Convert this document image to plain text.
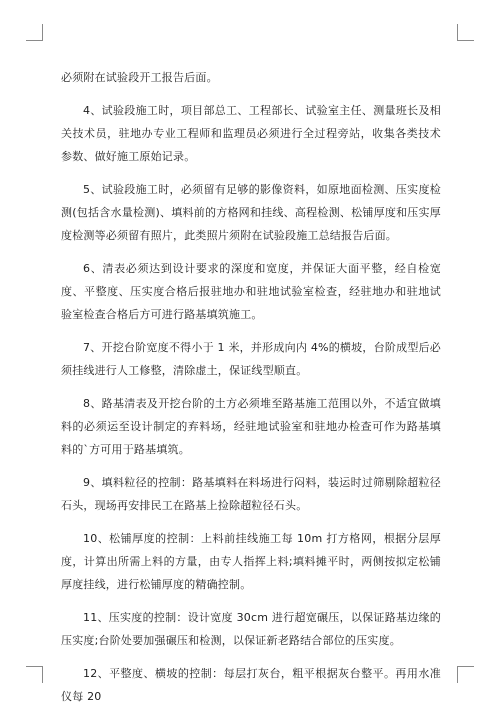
必须附在试验段开工报告后面。

4、试验段施工时，项目部总工、工程部长、试验室主任、测量班长及相关技术员，驻地办专业工程师和监理员必须进行全过程旁站，收集各类技术参数、做好施工原始记录。

5、试验段施工时，必须留有足够的影像资料，如原地面检测、压实度检测(包括含水量检测)、填料前的方格网和挂线、高程检测、松铺厚度和压实厚度检测等必须留有照片，此类照片须附在试验段施工总结报告后面。

6、清表必须达到设计要求的深度和宽度，并保证大面平整，经自检宽度、平整度、压实度合格后报驻地办和驻地试验室检查，经驻地办和驻地试验室检查合格后方可进行路基填筑施工。

7、开挖台阶宽度不得小于 1 米，并形成向内 4%的横坡，台阶成型后必须挂线进行人工修整，清除虚土，保证线型顺直。

8、路基清表及开挖台阶的土方必须堆至路基施工范围以外，不适宜做填料的必须运至设计制定的弃料场，经驻地试验室和驻地办检查可作为路基填料的`方可用于路基填筑。

9、填料粒径的控制：路基填料在料场进行闷料，装运时过筛剔除超粒径石头，现场再安排民工在路基上捡除超粒径石头。

10、松铺厚度的控制：上料前挂线施工每 10m 打方格网，根据分层厚度，计算出所需上料的方量，由专人指挥上料;填料摊平时，两侧按拟定松铺厚度挂线，进行松铺厚度的精确控制。

11、压实度的控制：设计宽度 30cm 进行超宽碾压，以保证路基边缘的压实度;台阶处要加强碾压和检测，以保证新老路结合部位的压实度。

12、平整度、横坡的控制：每层打灰台，粗平根据灰台整平。再用水准仪每 20
